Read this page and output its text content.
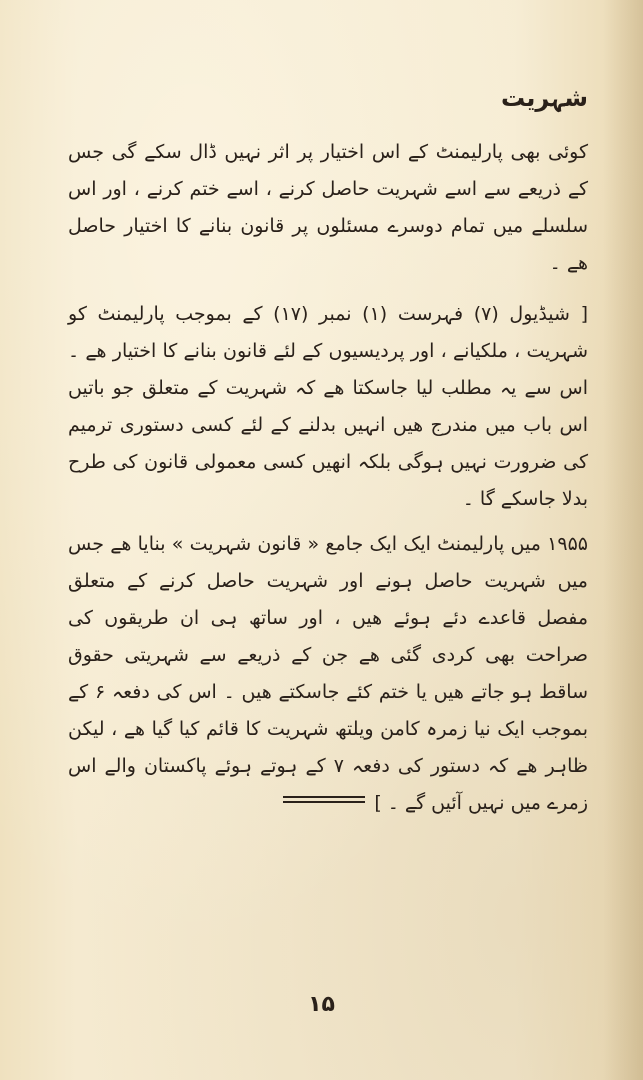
شہریت

کوئی بھی پارلیمنٹ کے اس اختیار پر اثر نہیں ڈال سکے گی جس کے ذریعے سے اسے شہریت حاصل کرنے ، اسے ختم کرنے ، اور اس سلسلے میں تمام دوسرے مسئلوں پر قانون بنانے کا اختیار حاصل ھے ۔

[ شیڈیول (۷) فہرست (۱) نمبر (۱۷) کے بموجب پارلیمنٹ کو شہریت ، ملکیانے ، اور پردیسیوں کے لئے قانون بنانے کا اختیار ھے ۔ اس سے یہ مطلب لیا جاسکتا ھے کہ شہریت کے متعلق جو باتیں اس باب میں مندرج ھیں انہیں بدلنے کے لئے کسی دستوری ترمیم کی ضرورت نہیں ہوگی بلکہ انھیں کسی معمولی قانون کی طرح بدلا جاسکے گا ۔

۱۹۵۵ میں پارلیمنٹ ایک ایک جامع « قانون شہریت » بنایا ھے جس میں شہریت حاصل ہونے اور شہریت حاصل کرنے کے متعلق مفصل قاعدے دئے ہوئے ھیں ، اور ساتھ ہی ان طریقوں کی صراحت بھی کردی گئی ھے جن کے ذریعے سے شہریتی حقوق ساقط ہو جاتے ھیں یا ختم کئے جاسکتے ھیں ۔ اس کی دفعہ ۶ کے بموجب ایک نیا زمرہ کامن ویلتھ شہریت کا قائم کیا گیا ھے ، لیکن ظاہر ھے کہ دستور کی دفعہ ۷ کے ہوتے ہوئے پاکستان والے اس زمرے میں نہیں آئیں گے ۔ ]

۱۵
